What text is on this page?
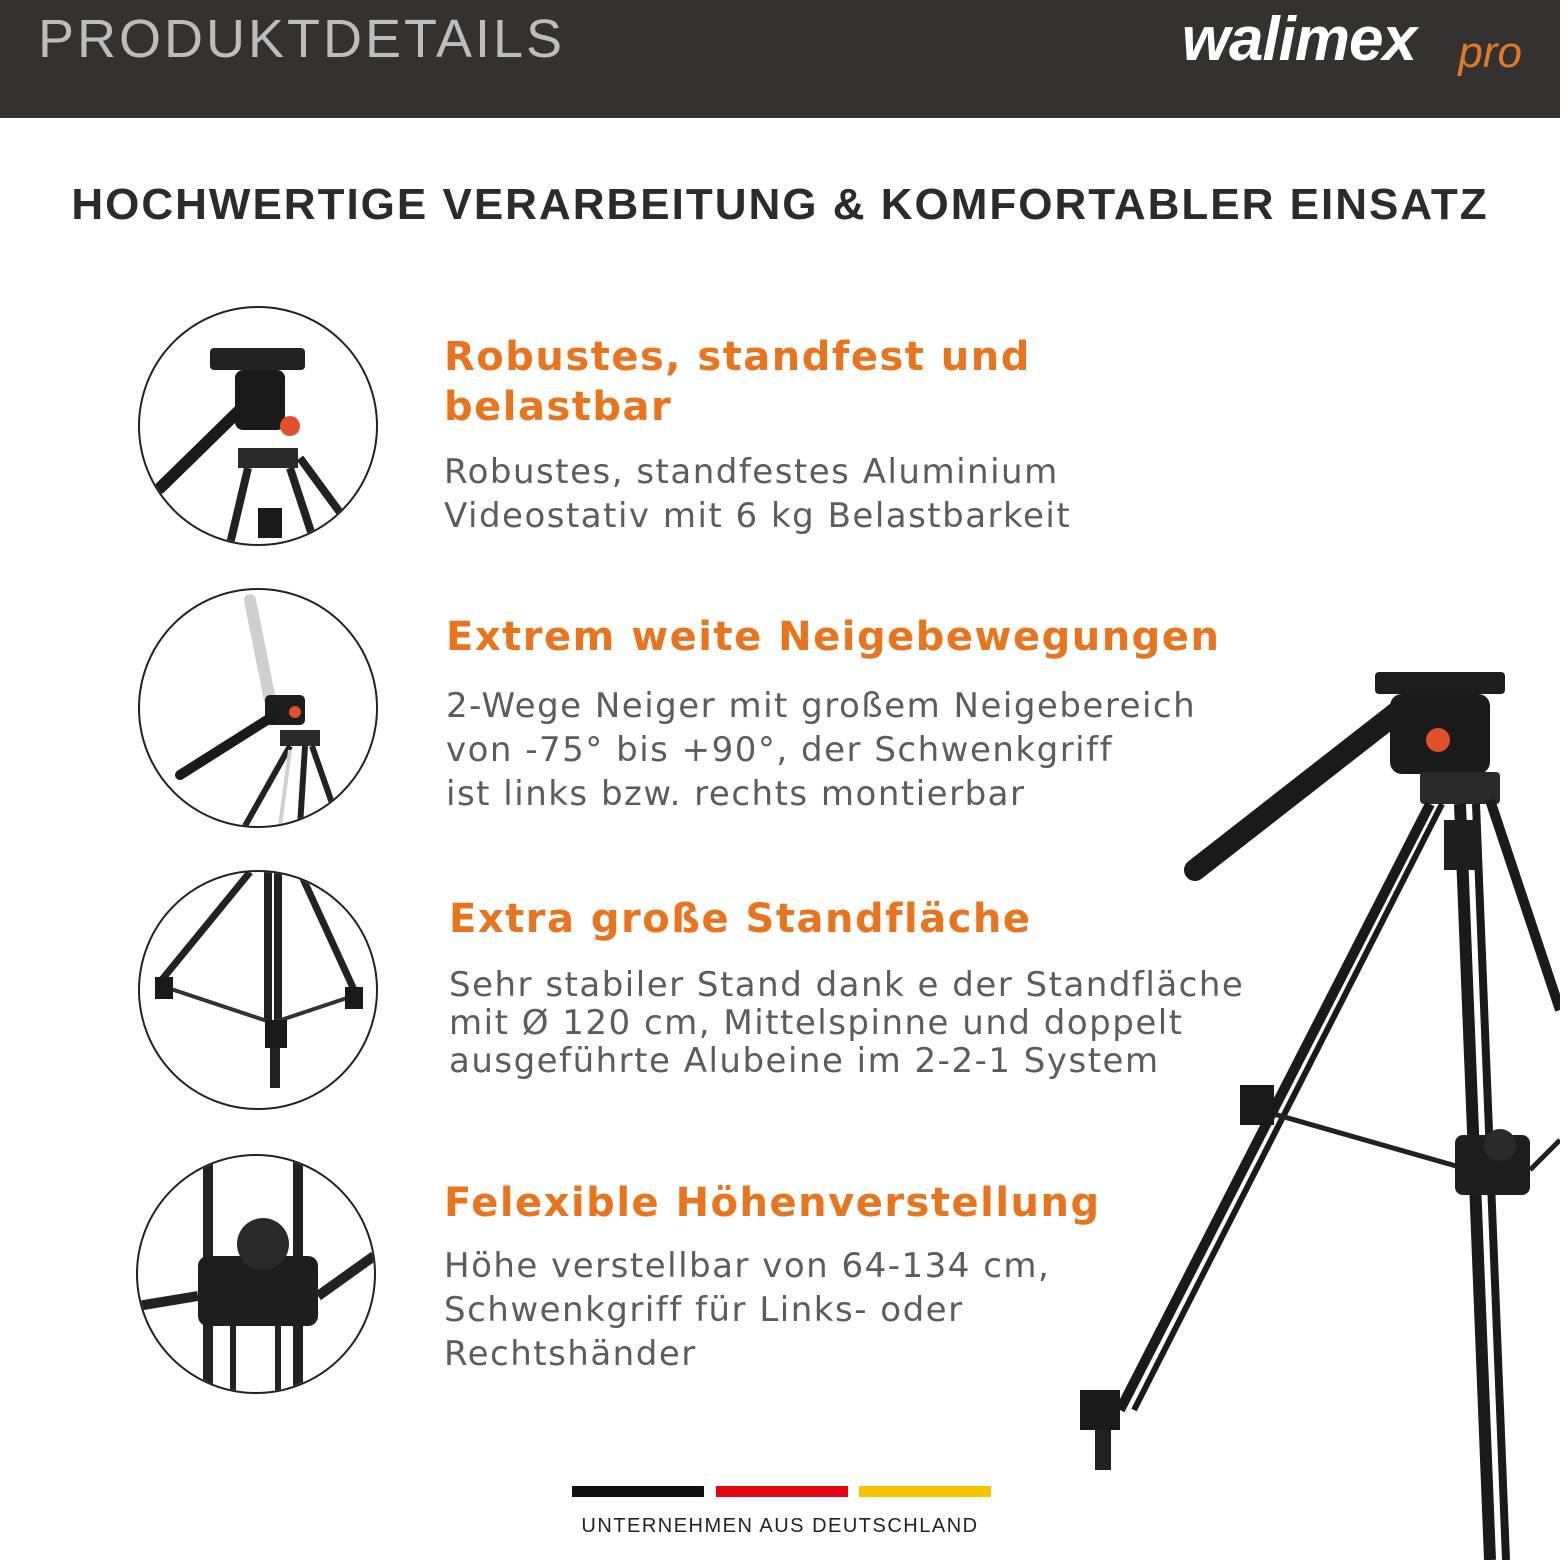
PRODUKTDETAILS	walimex pro
HOCHWERTIGE VERARBEITUNG & KOMFORTABLER EINSATZ
Robustes, standfest und
belastbar
Robustes, standfestes Aluminium
Videostativ mit 6 kg Belastbarkeit
Extrem weite Neigebewegungen
2-Wege Neiger mit großem Neigebereich
von -75° bis +90°, der Schwenkgriff
ist links bzw. rechts montierbar
Extra große Standfläche
Sehr stabiler Stand dank e der Standfläche
mit Ø 120 cm, Mittelspinne und doppelt
ausgeführte Alubeine im 2-2-1 System
Felexible Höhenverstellung
Höhe verstellbar von 64-134 cm,
Schwenkgriff für Links- oder
Rechtshänder
UNTERNEHMEN AUS DEUTSCHLAND
